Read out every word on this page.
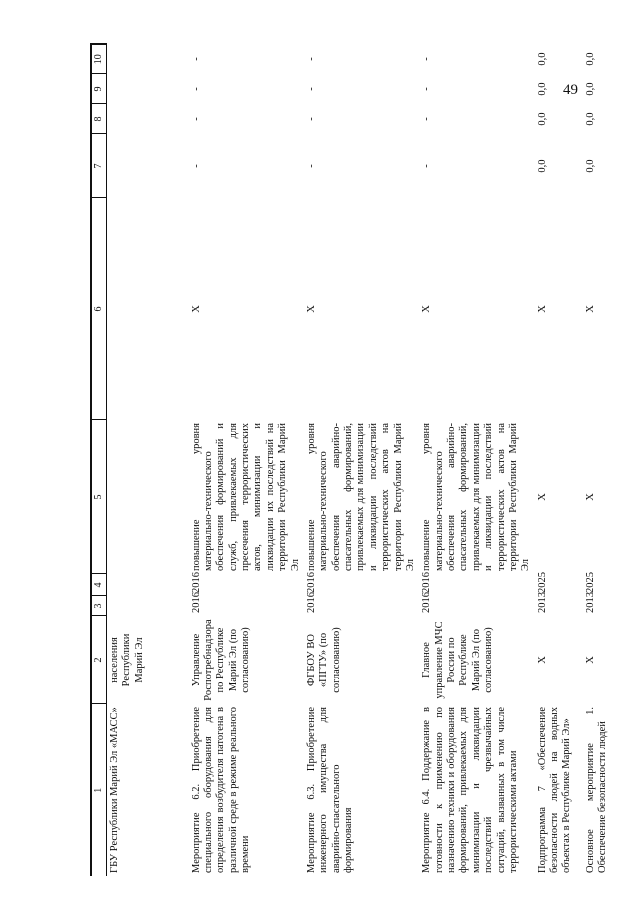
49
1	2	3	4	5	6	7	8	9	10
ГБУ Республики Марий Эл «МАСС»	населения Республики Марий Эл								
Мероприятие 6.2. Приобретение специального оборудования для определения возбудителя патогена в различной среде в режиме реального времени	Управление Роспотребнадзора по Республике Марий Эл (по согласованию)	2016	2016	повышение уровня материально-технического обеспечения формирований и служб, привлекаемых для пресечения террористических актов, минимизации и ликвидации их последствий на территории Республики Марий Эл	X	-	-	-	-
Мероприятие 6.3. Приобретение инженерного имущества для аварийно-спасательного формирования	ФГБОУ ВО «ПГТУ» (по согласованию)	2016	2016	повышение уровня материально-технического обеспечения аварийно-спасательных формирований, привлекаемых для минимизации и ликвидации последствий террористических актов на территории Республики Марий Эл	X	-	-	-	-
Мероприятие 6.4. Поддержание в готовности к применению по назначению техники и оборудования формирований, привлекаемых для минимизации и ликвидации последствий чрезвычайных ситуаций, вызванных в том числе террористическими актами	Главное управление МЧС России по Республике Марий Эл (по согласованию)	2016	2016	повышение уровня материально-технического обеспечения аварийно-спасательных формирований, привлекаемых для минимизации и ликвидации последствий террористических актов на территории Республики Марий Эл	X	-	-	-	-
Подпрограмма 7 «Обеспечение безопасности людей на водных объектах в Республике Марий Эл»	X	2013	2025	X	X	0,0	0,0	0,0	0,0
Основное мероприятие 1. Обеспечение безопасности людей	X	2013	2025	X	X	0,0	0,0	0,0	0,0
